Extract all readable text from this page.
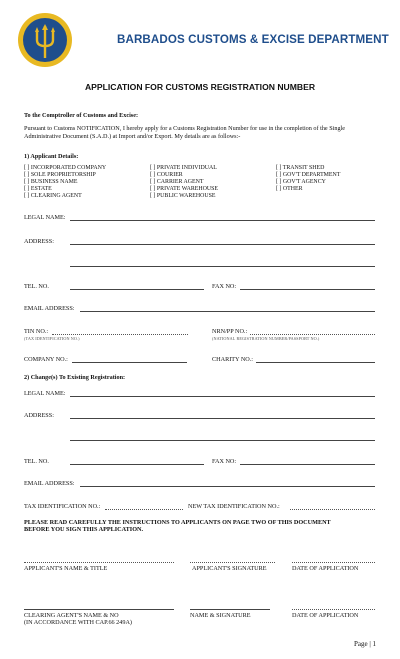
BARBADOS CUSTOMS & EXCISE DEPARTMENT
APPLICATION FOR CUSTOMS REGISTRATION NUMBER
To the Comptroller of Customs and Excise:
Pursuant to Customs NOTIFICATION, I hereby apply for a Customs Registration Number for use in the completion of the Single Administrative Document (S.A.D.) at Import and/or Export. My details are as follows:-
1) Applicant Details:
[ ] INCORPORATED COMPANY
[ ] SOLE PROPRIETORSHIP
[ ] BUSINESS NAME
[ ] ESTATE
[ ] CLEARING AGENT
[ ] PRIVATE INDIVIDUAL
[ ] COURIER
[ ] CARRIER AGENT
[ ] PRIVATE WAREHOUSE
[ ] PUBLIC WAREHOUSE
[ ] TRANSIT SHED
[ ] GOV'T DEPARTMENT
[ ] GOV'T AGENCY
[ ] OTHER
LEGAL NAME:
ADDRESS:
TEL. NO.	FAX NO:
EMAIL ADDRESS:
TIN NO.:
(TAX IDENTIFICATION NO.)
NRN/PP NO.:
(NATIONAL REGISTRATION NUMBER/PASSPORT NO.)
COMPANY NO.:	CHARITY NO.:
2) Change(s) To Existing Registration:
LEGAL NAME:
ADDRESS:
TEL. NO.	FAX NO:
EMAIL ADDRESS:
TAX IDENTIFICATION NO.:	NEW TAX IDENTIFICATION NO.:
PLEASE READ CAREFULLY THE INSTRUCTIONS TO APPLICANTS ON PAGE TWO OF THIS DOCUMENT
BEFORE YOU SIGN THIS APPLICATION.
APPLICANT'S NAME & TITLE	APPLICANT'S SIGNATURE	DATE OF APPLICATION
CLEARING AGENT'S NAME & NO
(IN ACCORDANCE WITH CAP.66 249A)
NAME & SIGNATURE	DATE OF APPLICATION
Page | 1
